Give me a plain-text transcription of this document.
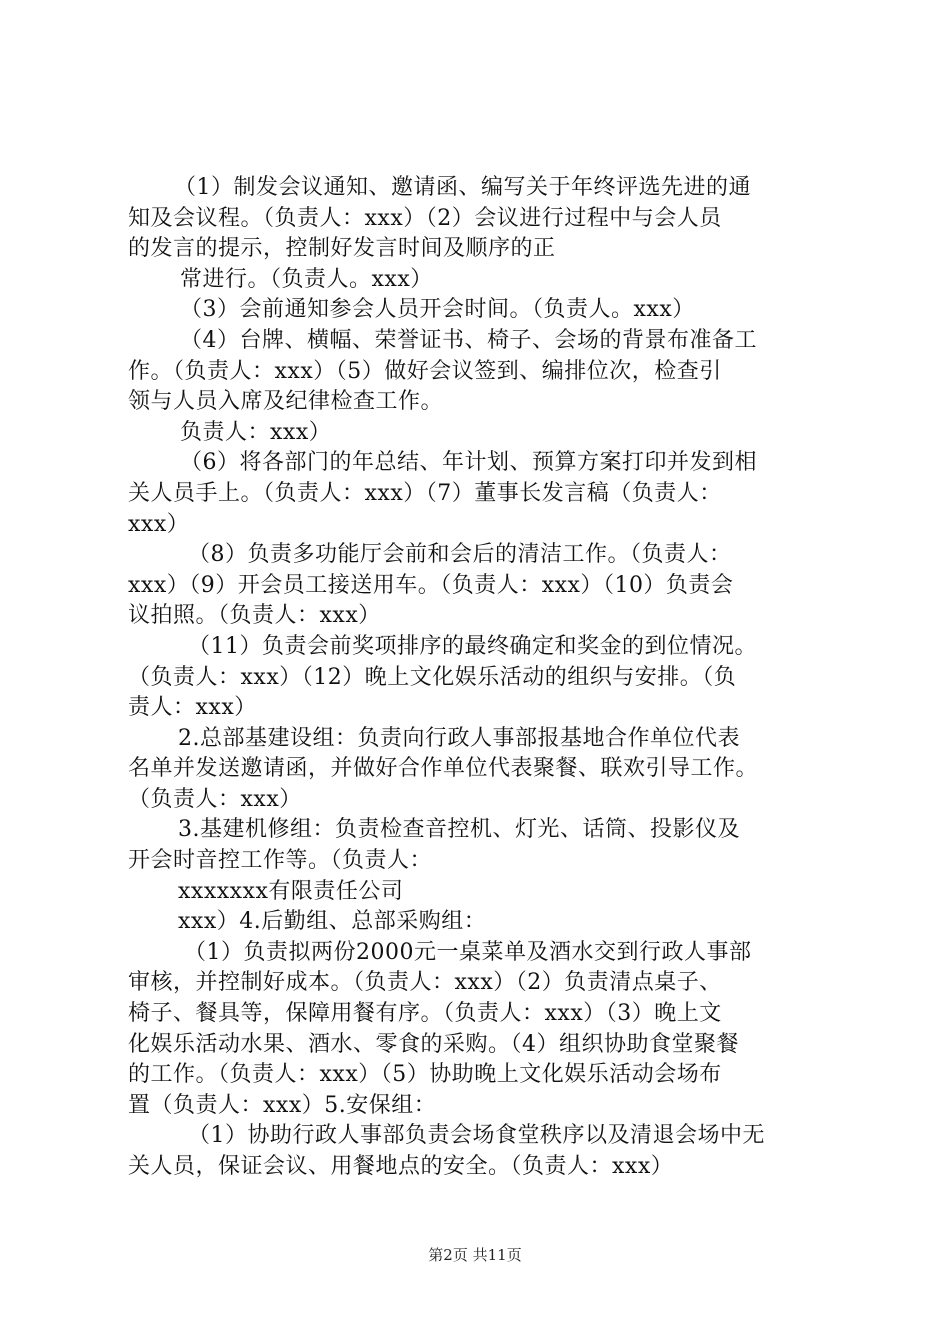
（1）制发会议通知、邀请函、编写关于年终评选先进的通
知及会议程。（负责人：xxx）（2）会议进行过程中与会人员
的发言的提示，控制好发言时间及顺序的正
常进行。（负责人。xxx）
（3）会前通知参会人员开会时间。（负责人。xxx）
（4）台牌、横幅、荣誉证书、椅子、会场的背景布准备工
作。（负责人：xxx）（5）做好会议签到、编排位次，检查引
领与人员入席及纪律检查工作。
负责人：xxx）
（6）将各部门的年总结、年计划、预算方案打印并发到相
关人员手上。（负责人：xxx）（7）董事长发言稿（负责人：
xxx）
（8）负责多功能厅会前和会后的清洁工作。（负责人：
xxx）（9）开会员工接送用车。（负责人：xxx）（10）负责会
议拍照。（负责人：xxx）
（11）负责会前奖项排序的最终确定和奖金的到位情况。
（负责人：xxx）（12）晚上文化娱乐活动的组织与安排。（负
责人：xxx）
2.总部基建设组：负责向行政人事部报基地合作单位代表
名单并发送邀请函，并做好合作单位代表聚餐、联欢引导工作。
（负责人：xxx）
3.基建机修组：负责检查音控机、灯光、话筒、投影仪及
开会时音控工作等。（负责人：
xxxxxxx有限责任公司
xxx）4.后勤组、总部采购组：
（1）负责拟两份2000元一桌菜单及酒水交到行政人事部
审核，并控制好成本。（负责人：xxx）（2）负责清点桌子、
椅子、餐具等，保障用餐有序。（负责人：xxx）（3）晚上文
化娱乐活动水果、酒水、零食的采购。（4）组织协助食堂聚餐
的工作。（负责人：xxx）（5）协助晚上文化娱乐活动会场布
置（负责人：xxx）5.安保组：
（1）协助行政人事部负责会场食堂秩序以及清退会场中无
关人员，保证会议、用餐地点的安全。（负责人：xxx）
第2页 共11页
